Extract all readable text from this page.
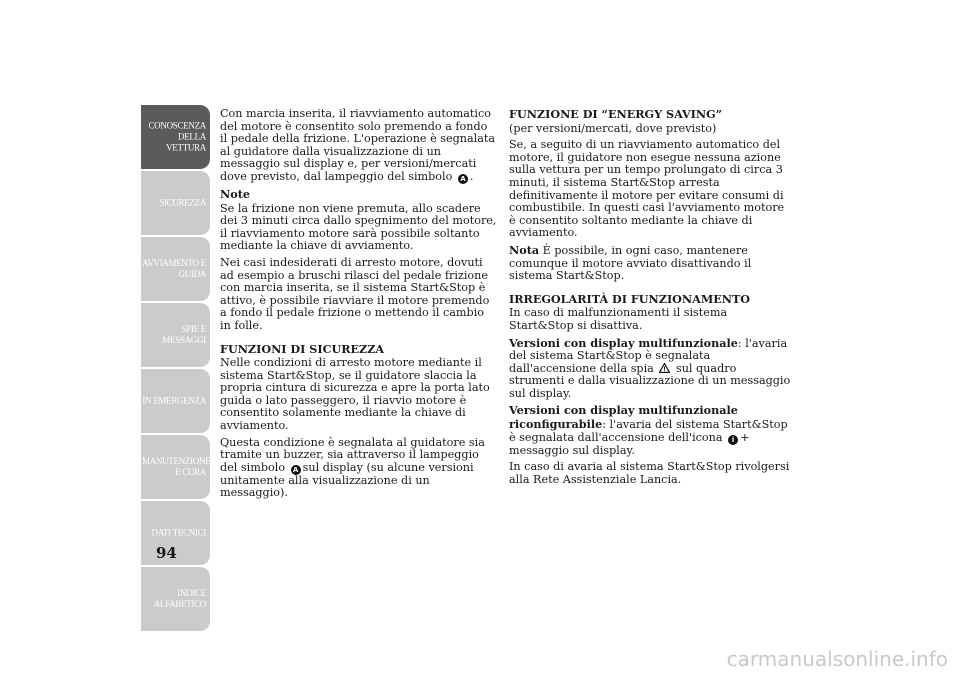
CONOSCENZA DELLA VETTURA
SICUREZZA
AVVIAMENTO E GUIDA
SPIE E MESSAGGI
IN EMERGENZA
MANUTENZIONE E CURA
DATI TECNICI
INDICE ALFABETICO
94

Con marcia inserita, il riavviamento automatico del motore è consentito solo premendo a fondo il pedale della frizione. L'operazione è segnalata al guidatore dalla visualizzazione di un messaggio sul display e, per versioni/mercati dove previsto, dal lampeggio del simbolo A .

Note

Se la frizione non viene premuta, allo scadere dei 3 minuti circa dallo spegnimento del motore, il riavviamento motore sarà possibile soltanto mediante la chiave di avviamento.

Nei casi indesiderati di arresto motore, dovuti ad esempio a bruschi rilasci del pedale frizione con marcia inserita, se il sistema Start&Stop è attivo, è possibile riavviare il motore premendo a fondo il pedale frizione o mettendo il cambio in folle.

FUNZIONI DI SICUREZZA

Nelle condizioni di arresto motore mediante il sistema Start&Stop, se il guidatore slaccia la propria cintura di sicurezza e apre la porta lato guida o lato passeggero, il riavvio motore è consentito solamente mediante la chiave di avviamento.

Questa condizione è segnalata al guidatore sia tramite un buzzer, sia attraverso il lampeggio del simbolo A sul display (su alcune versioni unitamente alla visualizzazione di un messaggio).

FUNZIONE DI “ENERGY SAVING”

(per versioni/mercati, dove previsto)

Se, a seguito di un riavviamento automatico del motore, il guidatore non esegue nessuna azione sulla vettura per un tempo prolungato di circa 3 minuti, il sistema Start&Stop arresta definitivamente il motore per evitare consumi di combustibile. In questi casi l'avviamento motore è consentito soltanto mediante la chiave di avviamento.

Nota È possibile, in ogni caso, mantenere comunque il motore avviato disattivando il sistema Start&Stop.

IRREGOLARITÀ DI FUNZIONAMENTO

In caso di malfunzionamenti il sistema Start&Stop si disattiva.

Versioni con display multifunzionale: l'avaria del sistema Start&Stop è segnalata dall'accensione della spia sul quadro strumenti e dalla visualizzazione di un messaggio sul display.

Versioni con display multifunzionale riconfigurabile: l'avaria del sistema Start&Stop è segnalata dall'accensione dell'icona i + messaggio sul display.

In caso di avaria al sistema Start&Stop rivolgersi alla Rete Assistenziale Lancia.

carmanualsonline.info
